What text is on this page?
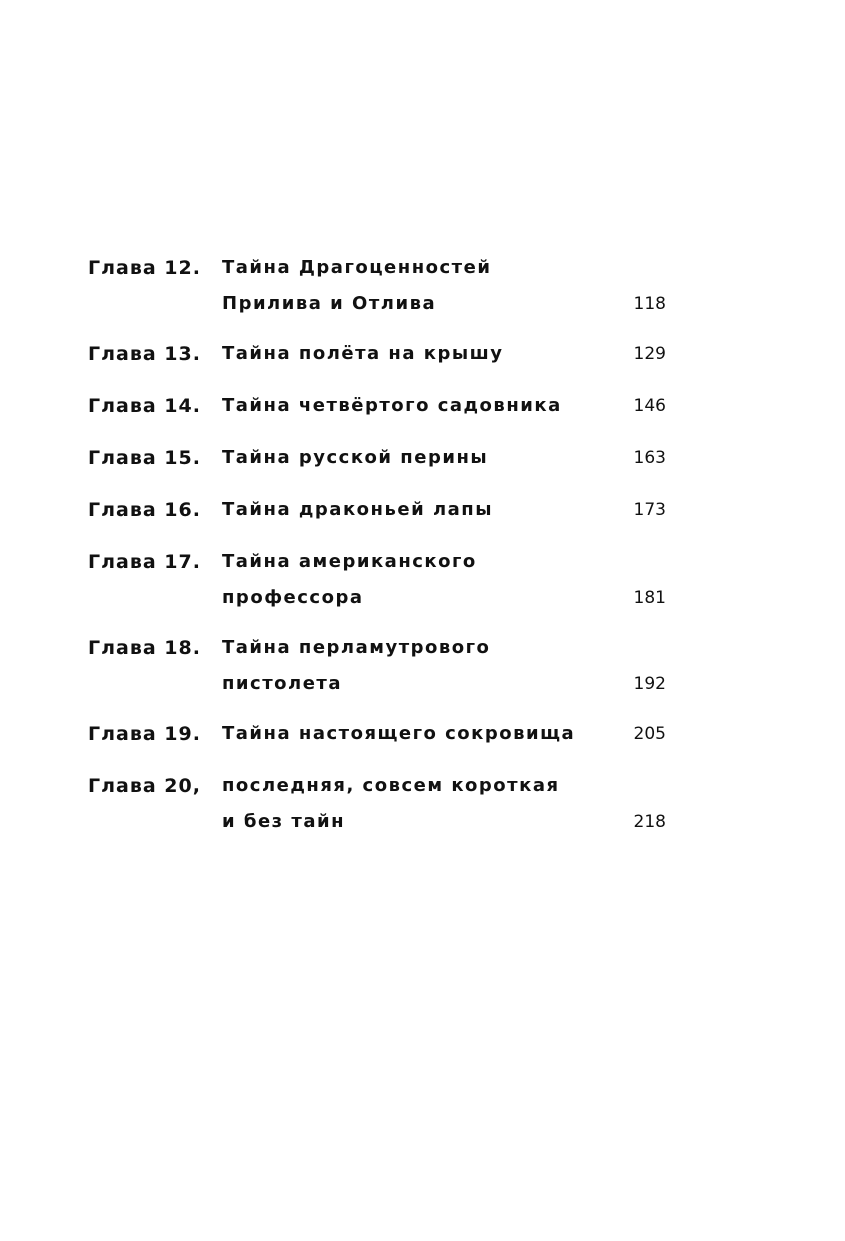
Глава 12.	Тайна Драгоценностей
Прилива и Отлива	118
Глава 13.	Тайна полёта на крышу	129
Глава 14.	Тайна четвёртого садовника	146
Глава 15.	Тайна русской перины	163
Глава 16.	Тайна драконьей лапы	173
Глава 17.	Тайна американского
профессора	181
Глава 18.	Тайна перламутрового
пистолета	192
Глава 19.	Тайна настоящего сокровища	205
Глава 20,	последняя, совсем короткая
и без тайн	218
